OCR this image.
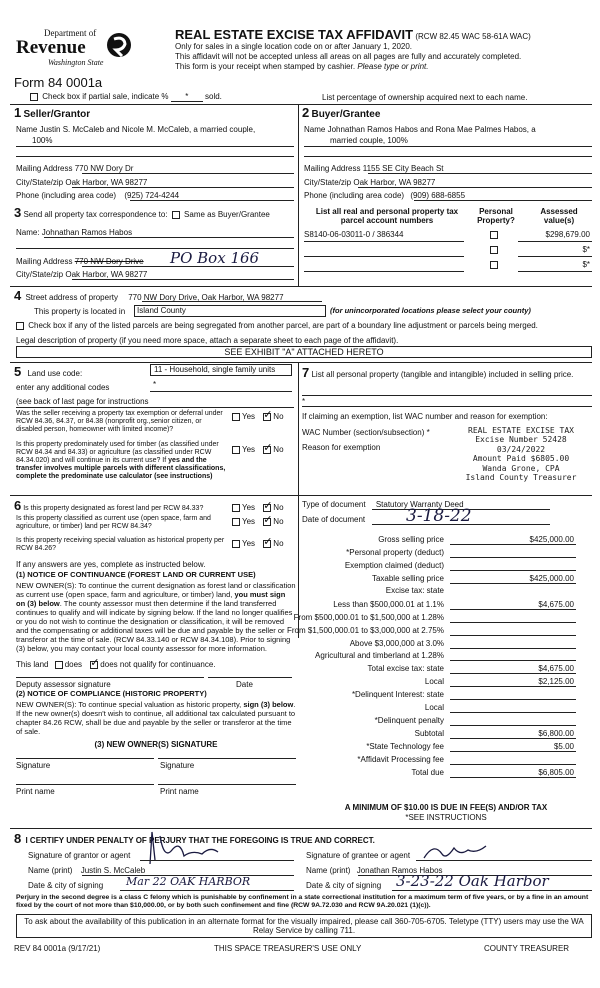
Department of
Revenue
Washington State
Form 84 0001a
REAL ESTATE EXCISE TAX AFFIDAVIT (RCW 82.45 WAC 58-61A WAC)
Only for sales in a single location code on or after January 1, 2020.
This affidavit will not be accepted unless all areas on all pages are fully and accurately completed.
This form is your receipt when stamped by cashier. Please type or print.
Check box if partial sale, indicate % * sold.	List percentage of ownership acquired next to each name.
1 Seller/Grantor
Name Justin S. McCaleb and Nicole M. McCaleb, a married couple,
100%
Mailing Address 770 NW Dory Dr
City/State/zip Oak Harbor, WA 98277
Phone (including area code) (925) 724-4244
2 Buyer/Grantee
Name Johnathan Ramos Habos and Rona Mae Palmes Habos, a
married couple, 100%
Mailing Address 1155 SE City Beach St
City/State/zip Oak Harbor, WA 98277
Phone (including area code) (909) 688-6855
3 Send all property tax correspondence to: Same as Buyer/Grantee
Name: Johnathan Ramos Habos
Mailing Address 770 NW Dory Drive PO Box 166
City/State/zip Oak Harbor, WA 98277
List all real and personal property tax parcel account numbers
Personal Property?
Assessed value(s)
S8140-06-03011-0 / 386344	$298,679.00
$*
$*
4 Street address of property 770 NW Dory Drive, Oak Harbor, WA 98277
This property is located in	Island County	(for unincorporated locations please select your county)
Check box if any of the listed parcels are being segregated from another parcel, are part of a boundary line adjustment or parcels being merged.
Legal description of property (if you need more space, attach a separate sheet to each page of the affidavit).
SEE EXHIBIT "A" ATTACHED HERETO
5 Land use code:	11 - Household, single family units
enter any additional codes	*
(see back of last page for instructions
Was the seller receiving a property tax exemption or deferral under RCW 84.36, 84.37, or 84.38 (nonprofit org.,senior citizen, or disabled person, homeowner with limited income)?
Yes ✓ No
Is this property predominately used for timber (as classified under RCW 84.34 and 84.33) or agriculture (as classified under RCW 84.34.020) and will continue in its current use? If yes and the transfer involves multiple parcels with different classifications, complete the predominate use calculator (see instructions)
Yes ✓ No
6 Is this property designated as forest land per RCW 84.33?	Yes ✓ No
Is this property classified as current use (open space, farm and agriculture, or timber) land per RCW 84.34?
Yes ✓ No
Is this property receiving special valuation as historical property per RCW 84.26?
Yes ✓ No
If any answers are yes, complete as instructed below.
(1) NOTICE OF CONTINUANCE (FOREST LAND OR CURRENT USE)
NEW OWNER(S): To continue the current designation as forest land or classification as current use (open space, farm and agriculture, or timber) land, you must sign on (3) below. The county assessor must then determine if the land transferred continues to qualify and will indicate by signing below. If the land no longer qualifies or you do not wish to continue the designation or classification, it will be removed and the compensating or additional taxes will be due and payable by the seller or transferor at the time of sale. (RCW 84.33.140 or RCW 84.34.108). Prior to signing (3) below, you may contact your local county assessor for more information.
This land does ✓ does not qualify for continuance.
Deputy assessor signature	Date
(2) NOTICE OF COMPLIANCE (HISTORIC PROPERTY)
NEW OWNER(S): To continue special valuation as historic property, sign (3) below. If the new owner(s) doesn't wish to continue, all additional tax calculated pursuant to chapter 84.26 RCW, shall be due and payable by the seller or transferor at the time of sale.
(3) NEW OWNER(S) SIGNATURE
Signature	Signature
Print name	Print name
7 List all personal property (tangible and intangible) included in selling price.
*
If claiming an exemption, list WAC number and reason for exemption:
WAC Number (section/subsection) *
Reason for exemption
REAL ESTATE EXCISE TAX
Excise Number 52428
03/24/2022
Amount Paid $6805.00
Wanda Grone, CPA
Island County Treasurer
Type of document Statutory Warranty Deed
Date of document 3-18-22
Gross selling price	$425,000.00
*Personal property (deduct)
Exemption claimed (deduct)
Taxable selling price	$425,000.00
Excise tax: state
Less than $500,000.01 at 1.1%	$4,675.00
From $500,000.01 to $1,500,000 at 1.28%
From $1,500,000.01 to $3,000,000 at 2.75%
Above $3,000,000 at 3.0%
Agricultural and timberland at 1.28%
Total excise tax: state	$4,675.00
Local	$2,125.00
*Delinquent Interest: state
Local
*Delinquent penalty
Subtotal	$6,800.00
*State Technology fee	$5.00
*Affidavit Processing fee
Total due	$6,805.00
A MINIMUM OF $10.00 IS DUE IN FEE(S) AND/OR TAX
*SEE INSTRUCTIONS
8 I CERTIFY UNDER PENALTY OF PERJURY THAT THE FOREGOING IS TRUE AND CORRECT.
Signature of grantor or agent
Name (print) Justin S. McCaleb
Date & city of signing Mar 22 OAK HARBOR
Signature of grantee or agent
Name (print) Jonathan Ramos Habos
Date & city of signing 3-23-22 Oak Harbor
Perjury in the second degree is a class C felony which is punishable by confinement in a state correctional institution for a maximum term of five years, or by a fine in an amount fixed by the court of not more than $10,000.00, or by both such confinement and fine (RCW 9A.72.030 and RCW 9A.20.021 (1)(c)).
To ask about the availability of this publication in an alternate format for the visually impaired, please call 360-705-6705. Teletype (TTY) users may use the WA Relay Service by calling 711.
REV 84 0001a (9/17/21)	THIS SPACE TREASURER'S USE ONLY	COUNTY TREASURER
